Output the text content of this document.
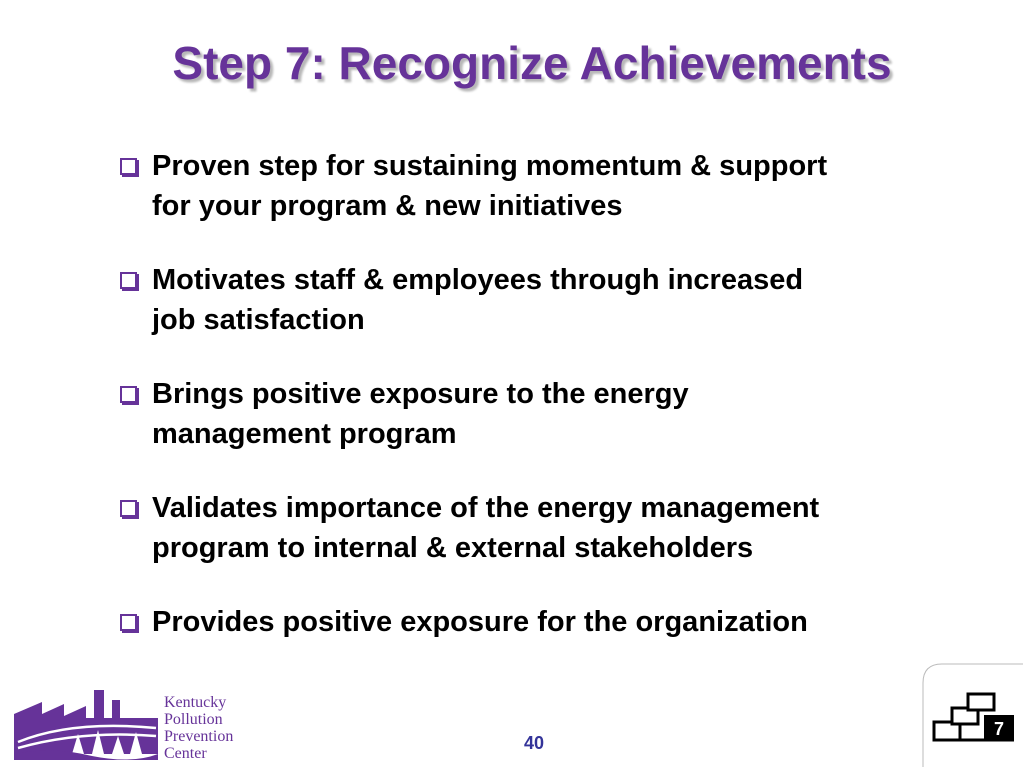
Step 7: Recognize Achievements
Proven step for sustaining momentum & support
for your program & new initiatives
Motivates staff & employees through increased
job satisfaction
Brings positive exposure to the energy
management program
Validates importance of the energy management
program to internal & external stakeholders
Provides positive exposure for the organization
Kentucky
Pollution
Prevention
Center
40
7
